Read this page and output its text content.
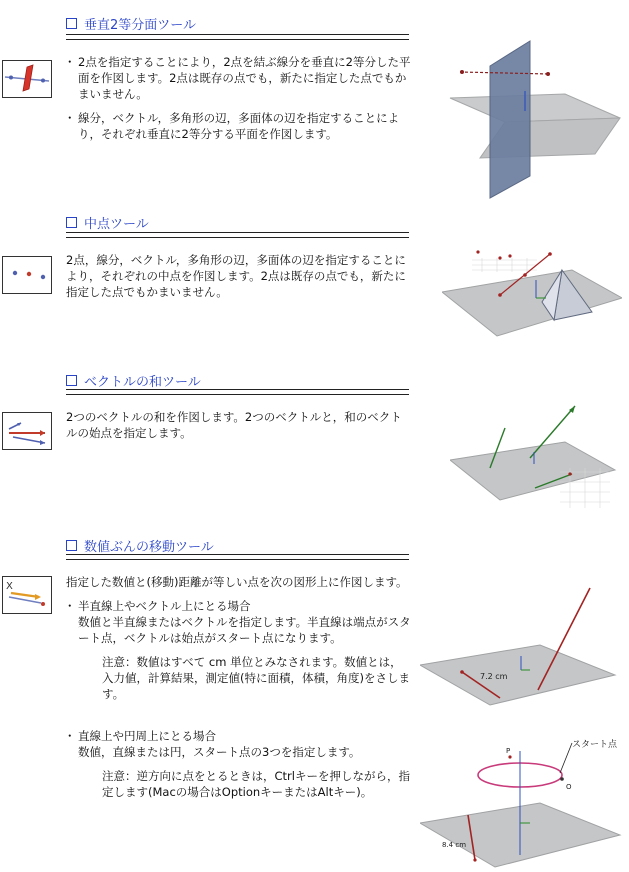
垂直2等分面ツール

・ 2点を指定することにより，2点を結ぶ線分を垂直に2等分した平面を作図します。2点は既存の点でも，新たに指定した点でもかまいません。

・ 線分，ベクトル，多角形の辺，多面体の辺を指定することにより，それぞれ垂直に2等分する平面を作図します。

中点ツール

2点，線分，ベクトル，多角形の辺，多面体の辺を指定することにより，それぞれの中点を作図します。2点は既存の点でも，新たに指定した点でもかまいません。

ベクトルの和ツール

2つのベクトルの和を作図します。2つのベクトルと，和のベクトルの始点を指定します。

数値ぶんの移動ツール
X	指定した数値と(移動)距離が等しい点を次の図形上に作図します。

・ 半直線上やベクトル上にとる場合

数値と半直線またはベクトルを指定します。半直線は端点がスタート点，ベクトルは始点がスタート点になります。

注意：数値はすべて cm 単位とみなされます。数値とは，入力値，計算結果，測定値(特に面積，体積，角度)をさします。

・ 直線上や円周上にとる場合

数値，直線または円，スタート点の3つを指定します。

注意：逆方向に点をとるときは，Ctrlキーを押しながら，指定します(Macの場合はOptionキーまたはAltキー)。

7.2 cm
P
O
スタート点
8.4 cm
